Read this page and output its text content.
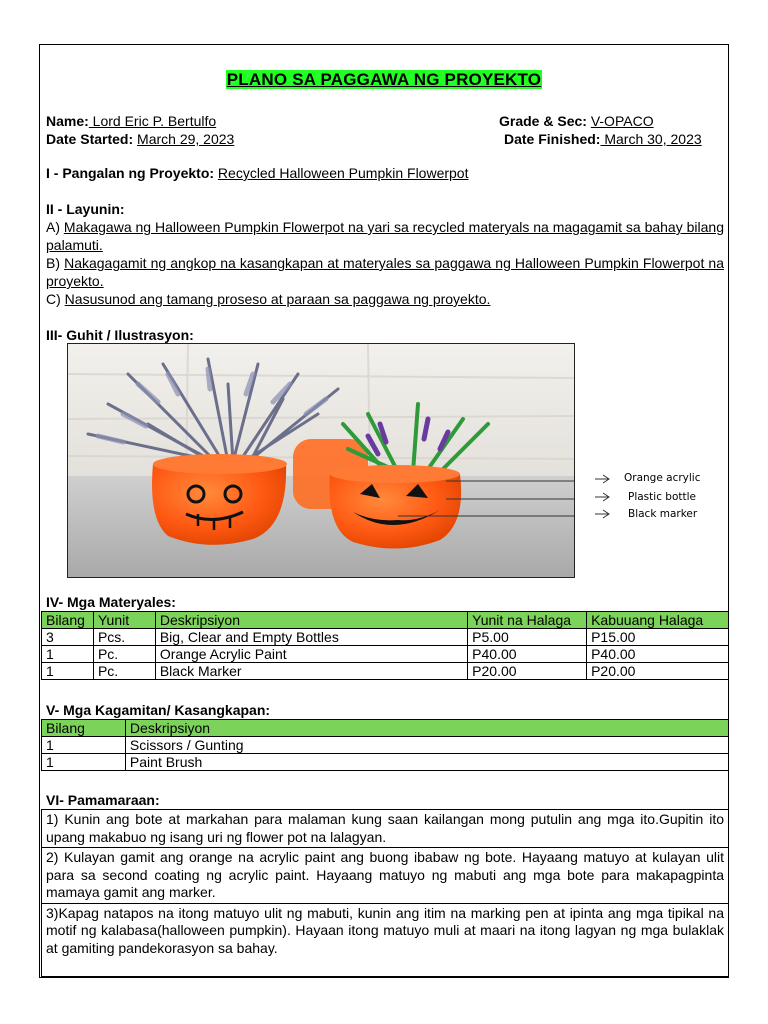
PLANO SA PAGGAWA NG PROYEKTO
Name: Lord Eric P. Bertulfo	Grade & Sec: V-OPACO
Date Started: March 29, 2023	Date Finished: March 30, 2023
I - Pangalan ng Proyekto: Recycled Halloween Pumpkin Flowerpot
II - Layunin:
A) Makagawa ng Halloween Pumpkin Flowerpot na yari sa recycled materyals na magagamit sa bahay bilang palamuti.
B) Nakagagamit ng angkop na kasangkapan at materyales sa paggawa ng Halloween Pumpkin Flowerpot na proyekto.
C) Nasusunod ang tamang proseso at paraan sa paggawa ng proyekto.
III- Guhit / Ilustrasyon:
Orange acrylic
Plastic bottle
Black marker
IV- Mga Materyales:
Bilang	Yunit	Deskripsiyon	Yunit na Halaga	Kabuuang Halaga
3	Pcs.	Big, Clear and Empty Bottles	P5.00	P15.00
1	Pc.	Orange Acrylic Paint	P40.00	P40.00
1	Pc.	Black Marker	P20.00	P20.00
V- Mga Kagamitan/ Kasangkapan:
Bilang	Deskripsiyon
1	Scissors / Gunting
1	Paint Brush
VI- Pamamaraan:
1) Kunin ang bote at markahan para malaman kung saan kailangan mong putulin ang mga ito.Gupitin ito upang makabuo ng isang uri ng flower pot na lalagyan.
2) Kulayan gamit ang orange na acrylic paint ang buong ibabaw ng bote. Hayaang matuyo at kulayan ulit para sa second coating ng acrylic paint. Hayaang matuyo ng mabuti ang mga bote para makapagpinta mamaya gamit ang marker.
3)Kapag natapos na itong matuyo ulit ng mabuti, kunin ang itim na marking pen at ipinta ang mga tipikal na motif ng kalabasa(halloween pumpkin). Hayaan itong matuyo muli at maari na itong lagyan ng mga bulaklak at gamiting pandekorasyon sa bahay.
